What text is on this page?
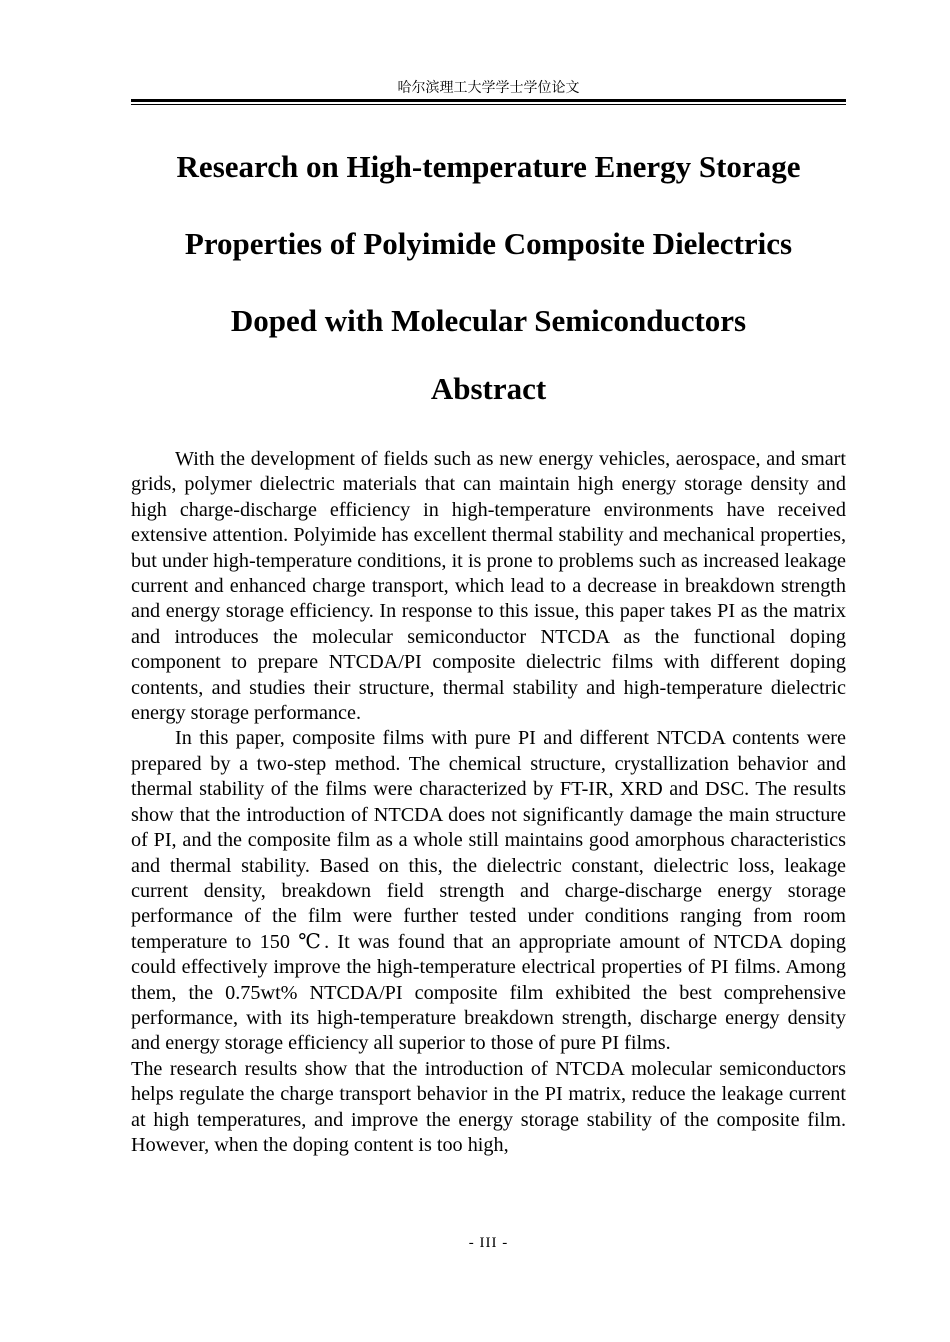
哈尔滨理工大学学士学位论文
Research on High-temperature Energy Storage
Properties of Polyimide Composite Dielectrics
Doped with Molecular Semiconductors
Abstract

With the development of fields such as new energy vehicles, aerospace, and smart grids, polymer dielectric materials that can maintain high energy storage density and high charge-discharge efficiency in high-temperature environments have received extensive attention. Polyimide has excellent thermal stability and mechanical properties, but under high-temperature conditions, it is prone to problems such as increased leakage current and enhanced charge transport, which lead to a decrease in breakdown strength and energy storage efficiency. In response to this issue, this paper takes PI as the matrix and introduces the molecular semiconductor NTCDA as the functional doping component to prepare NTCDA/PI composite dielectric films with different doping contents, and studies their structure, thermal stability and high-temperature dielectric energy storage performance.

In this paper, composite films with pure PI and different NTCDA contents were prepared by a two-step method. The chemical structure, crystallization behavior and thermal stability of the films were characterized by FT-IR, XRD and DSC. The results show that the introduction of NTCDA does not significantly damage the main structure of PI, and the composite film as a whole still maintains good amorphous characteristics and thermal stability. Based on this, the dielectric constant, dielectric loss, leakage current density, breakdown field strength and charge-discharge energy storage performance of the film were further tested under conditions ranging from room temperature to 150 ℃. It was found that an appropriate amount of NTCDA doping could effectively improve the high-temperature electrical properties of PI films. Among them, the 0.75wt% NTCDA/PI composite film exhibited the best comprehensive performance, with its high-temperature breakdown strength, discharge energy density and energy storage efficiency all superior to those of pure PI films.

The research results show that the introduction of NTCDA molecular semiconductors helps regulate the charge transport behavior in the PI matrix, reduce the leakage current at high temperatures, and improve the energy storage stability of the composite film. However, when the doping content is too high,

- III -
